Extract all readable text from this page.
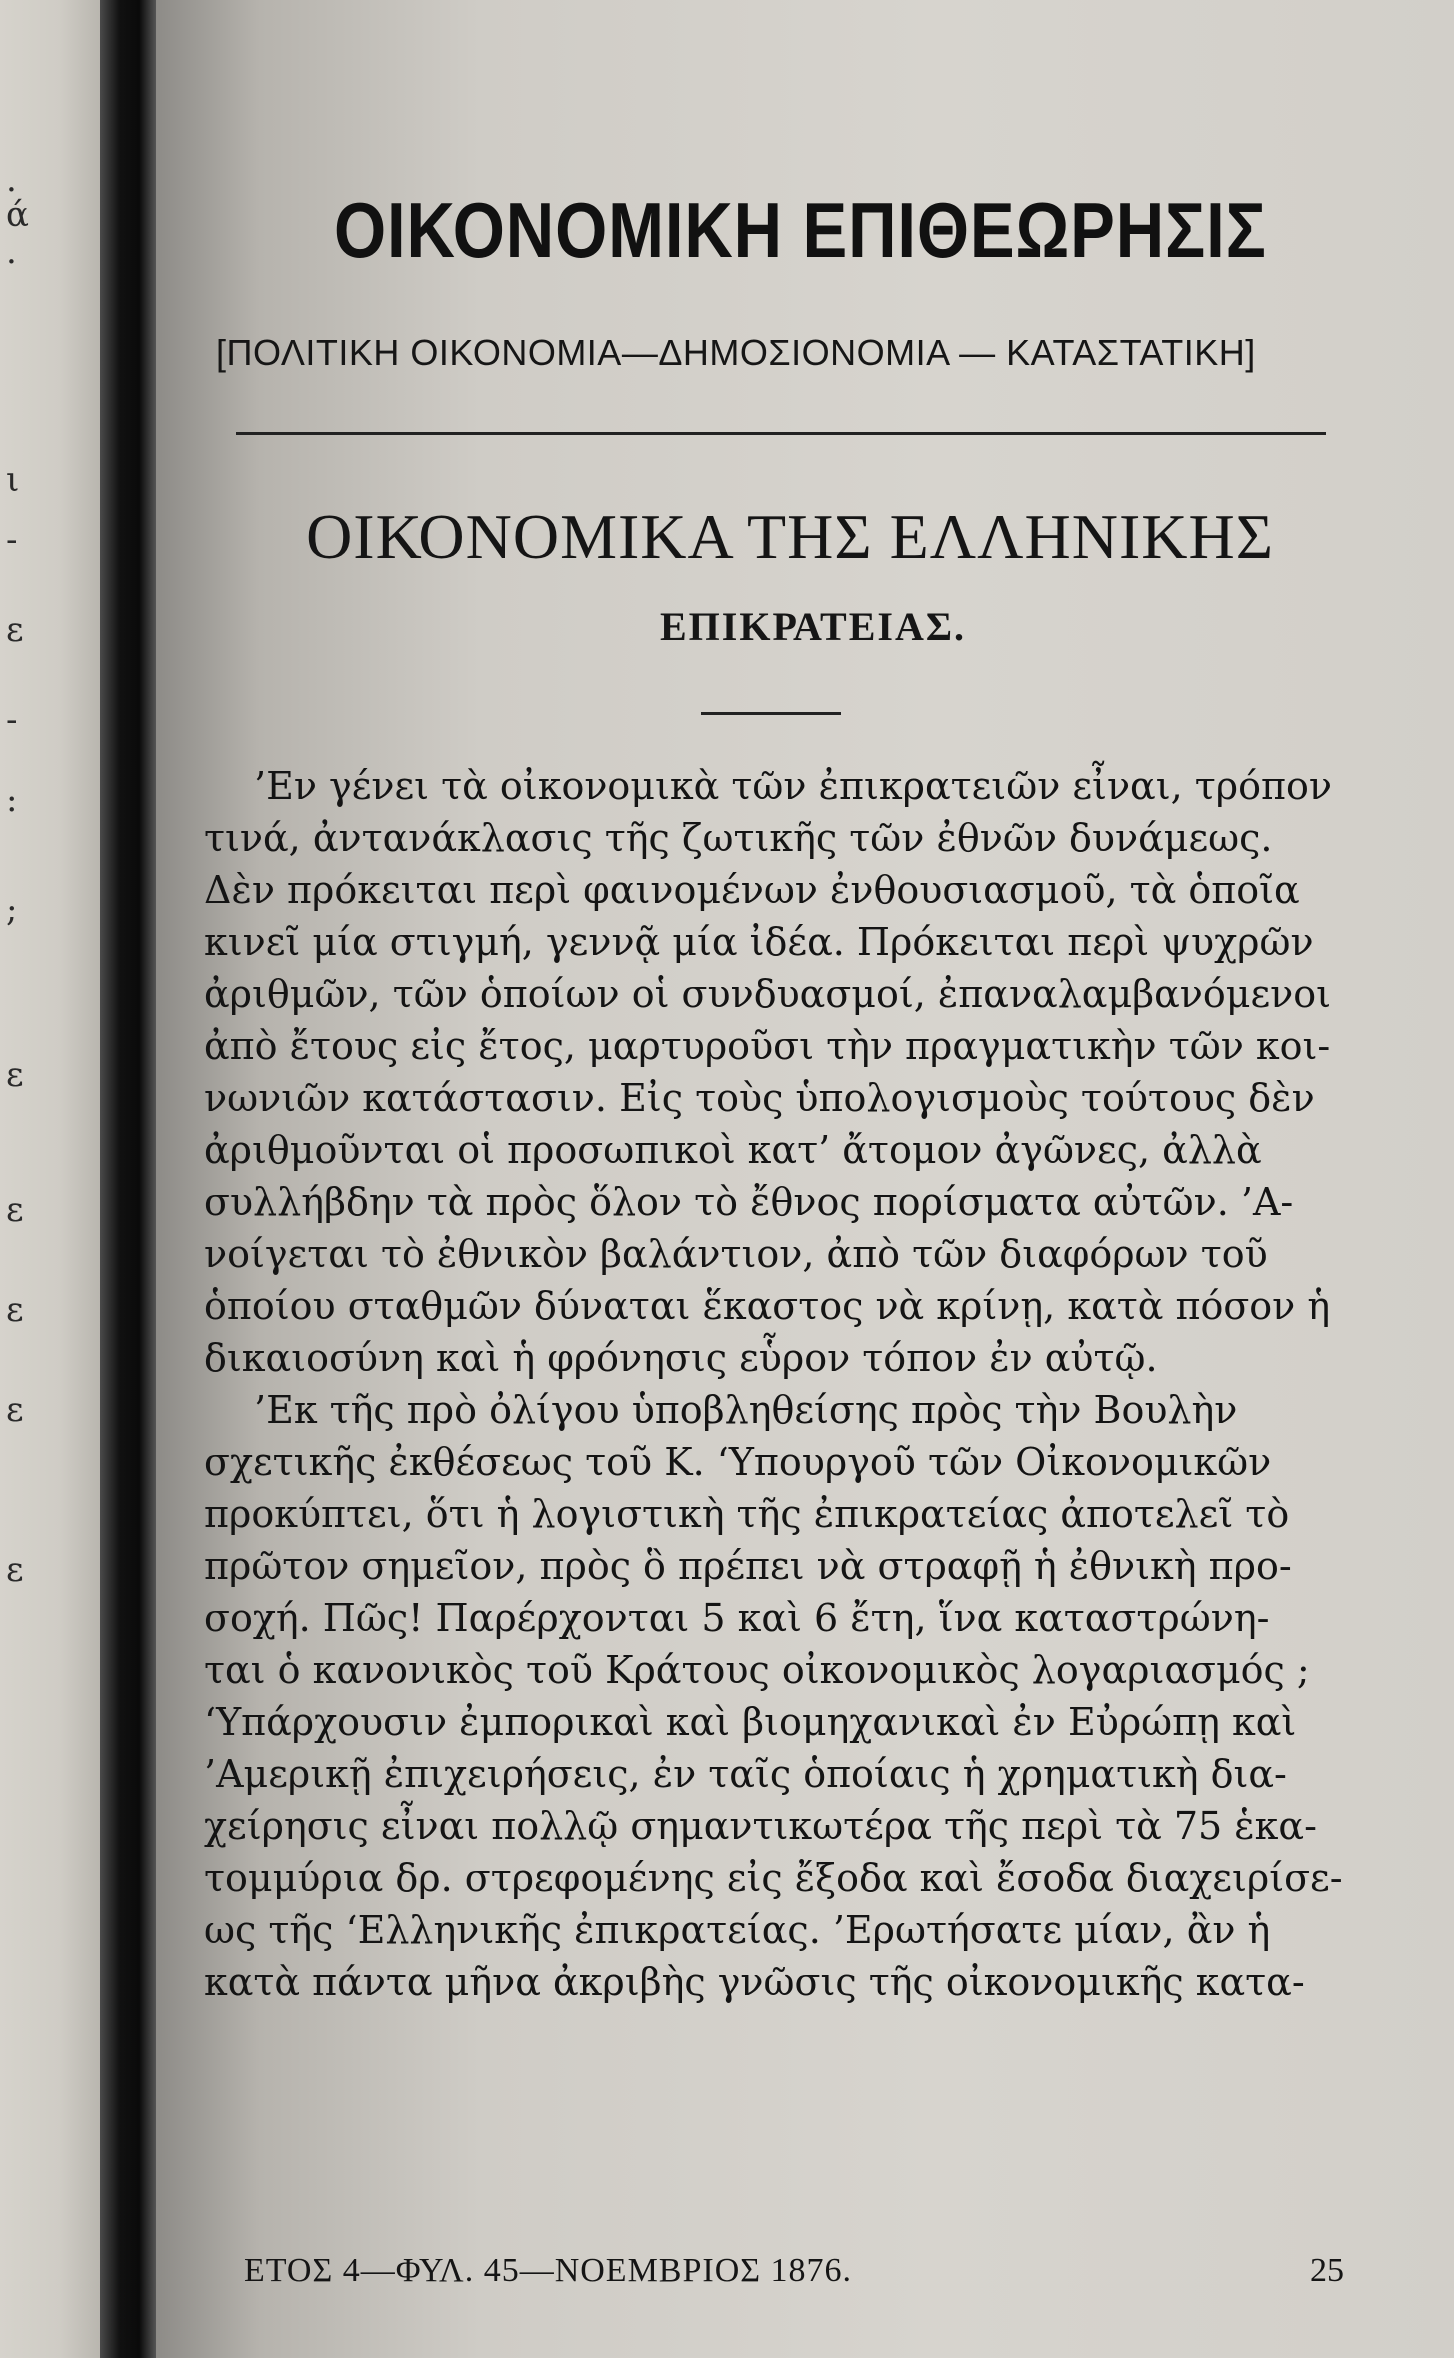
.
ά
.
ι
-
ε
-
:
;
ε
ε
ε
ε
ε
ΟΙΚΟΝΟΜΙΚΗ ΕΠΙΘΕΩΡΗΣΙΣ
[ΠΟΛΙΤΙΚΗ ΟΙΚΟΝΟΜΙΑ—ΔΗΜΟΣΙΟΝΟΜΙΑ — ΚΑΤΑΣΤΑΤΙΚΗ]
ΟΙΚΟΝΟΜΙΚΑ ΤΗΣ ΕΛΛΗΝΙΚΗΣ
ΕΠΙΚΡΑΤΕΙΑΣ.
’Εν γένει τὰ οἰκονομικὰ τῶν ἐπικρατειῶν εἶναι, τρόπον
τινά, ἀντανάκλασις τῆς ζωτικῆς τῶν ἐθνῶν δυνάμεως.
Δὲν πρόκειται περὶ φαινομένων ἐνθουσιασμοῦ, τὰ ὁποῖα
κινεῖ μία στιγμή, γεννᾷ μία ἰδέα. Πρόκειται περὶ ψυχρῶν
ἀριθμῶν, τῶν ὁποίων οἱ συνδυασμοί, ἐπαναλαμβανόμενοι
ἀπὸ ἔτους εἰς ἔτος, μαρτυροῦσι τὴν πραγματικὴν τῶν κοι-
νωνιῶν κατάστασιν. Εἰς τοὺς ὑπολογισμοὺς τούτους δὲν
ἀριθμοῦνται οἱ προσωπικοὶ κατ’ ἄτομον ἀγῶνες, ἀλλὰ
συλλήβδην τὰ πρὸς ὅλον τὸ ἔθνος πορίσματα αὐτῶν. ’Α-
νοίγεται τὸ ἐθνικὸν βαλάντιον, ἀπὸ τῶν διαφόρων τοῦ
ὁποίου σταθμῶν δύναται ἕκαστος νὰ κρίνῃ, κατὰ πόσον ἡ
δικαιοσύνη καὶ ἡ φρόνησις εὗρον τόπον ἐν αὐτῷ.
’Εκ τῆς πρὸ ὀλίγου ὑποβληθείσης πρὸς τὴν Βουλὴν
σχετικῆς ἐκθέσεως τοῦ Κ. ‘Υπουργοῦ τῶν Οἰκονομικῶν
προκύπτει, ὅτι ἡ λογιστικὴ τῆς ἐπικρατείας ἀποτελεῖ τὸ
πρῶτον σημεῖον, πρὸς ὃ πρέπει νὰ στραφῇ ἡ ἐθνικὴ προ-
σοχή. Πῶς! Παρέρχονται 5 καὶ 6 ἔτη, ἵνα καταστρώνη-
ται ὁ κανονικὸς τοῦ Κράτους οἰκονομικὸς λογαριασμός ;
‘Υπάρχουσιν ἐμπορικαὶ καὶ βιομηχανικαὶ ἐν Εὐρώπῃ καὶ
’Αμερικῇ ἐπιχειρήσεις, ἐν ταῖς ὁποίαις ἡ χρηματικὴ δια-
χείρησις εἶναι πολλῷ σημαντικωτέρα τῆς περὶ τὰ 75 ἑκα-
τομμύρια δρ. στρεφομένης εἰς ἔξοδα καὶ ἔσοδα διαχειρίσε-
ως τῆς ‘Ελληνικῆς ἐπικρατείας. ’Ερωτήσατε μίαν, ἂν ἡ
κατὰ πάντα μῆνα ἀκριβὴς γνῶσις τῆς οἰκονομικῆς κατα-
ΕΤΟΣ 4—ΦΥΛ. 45—ΝΟΕΜΒΡΙΟΣ 1876.	25
